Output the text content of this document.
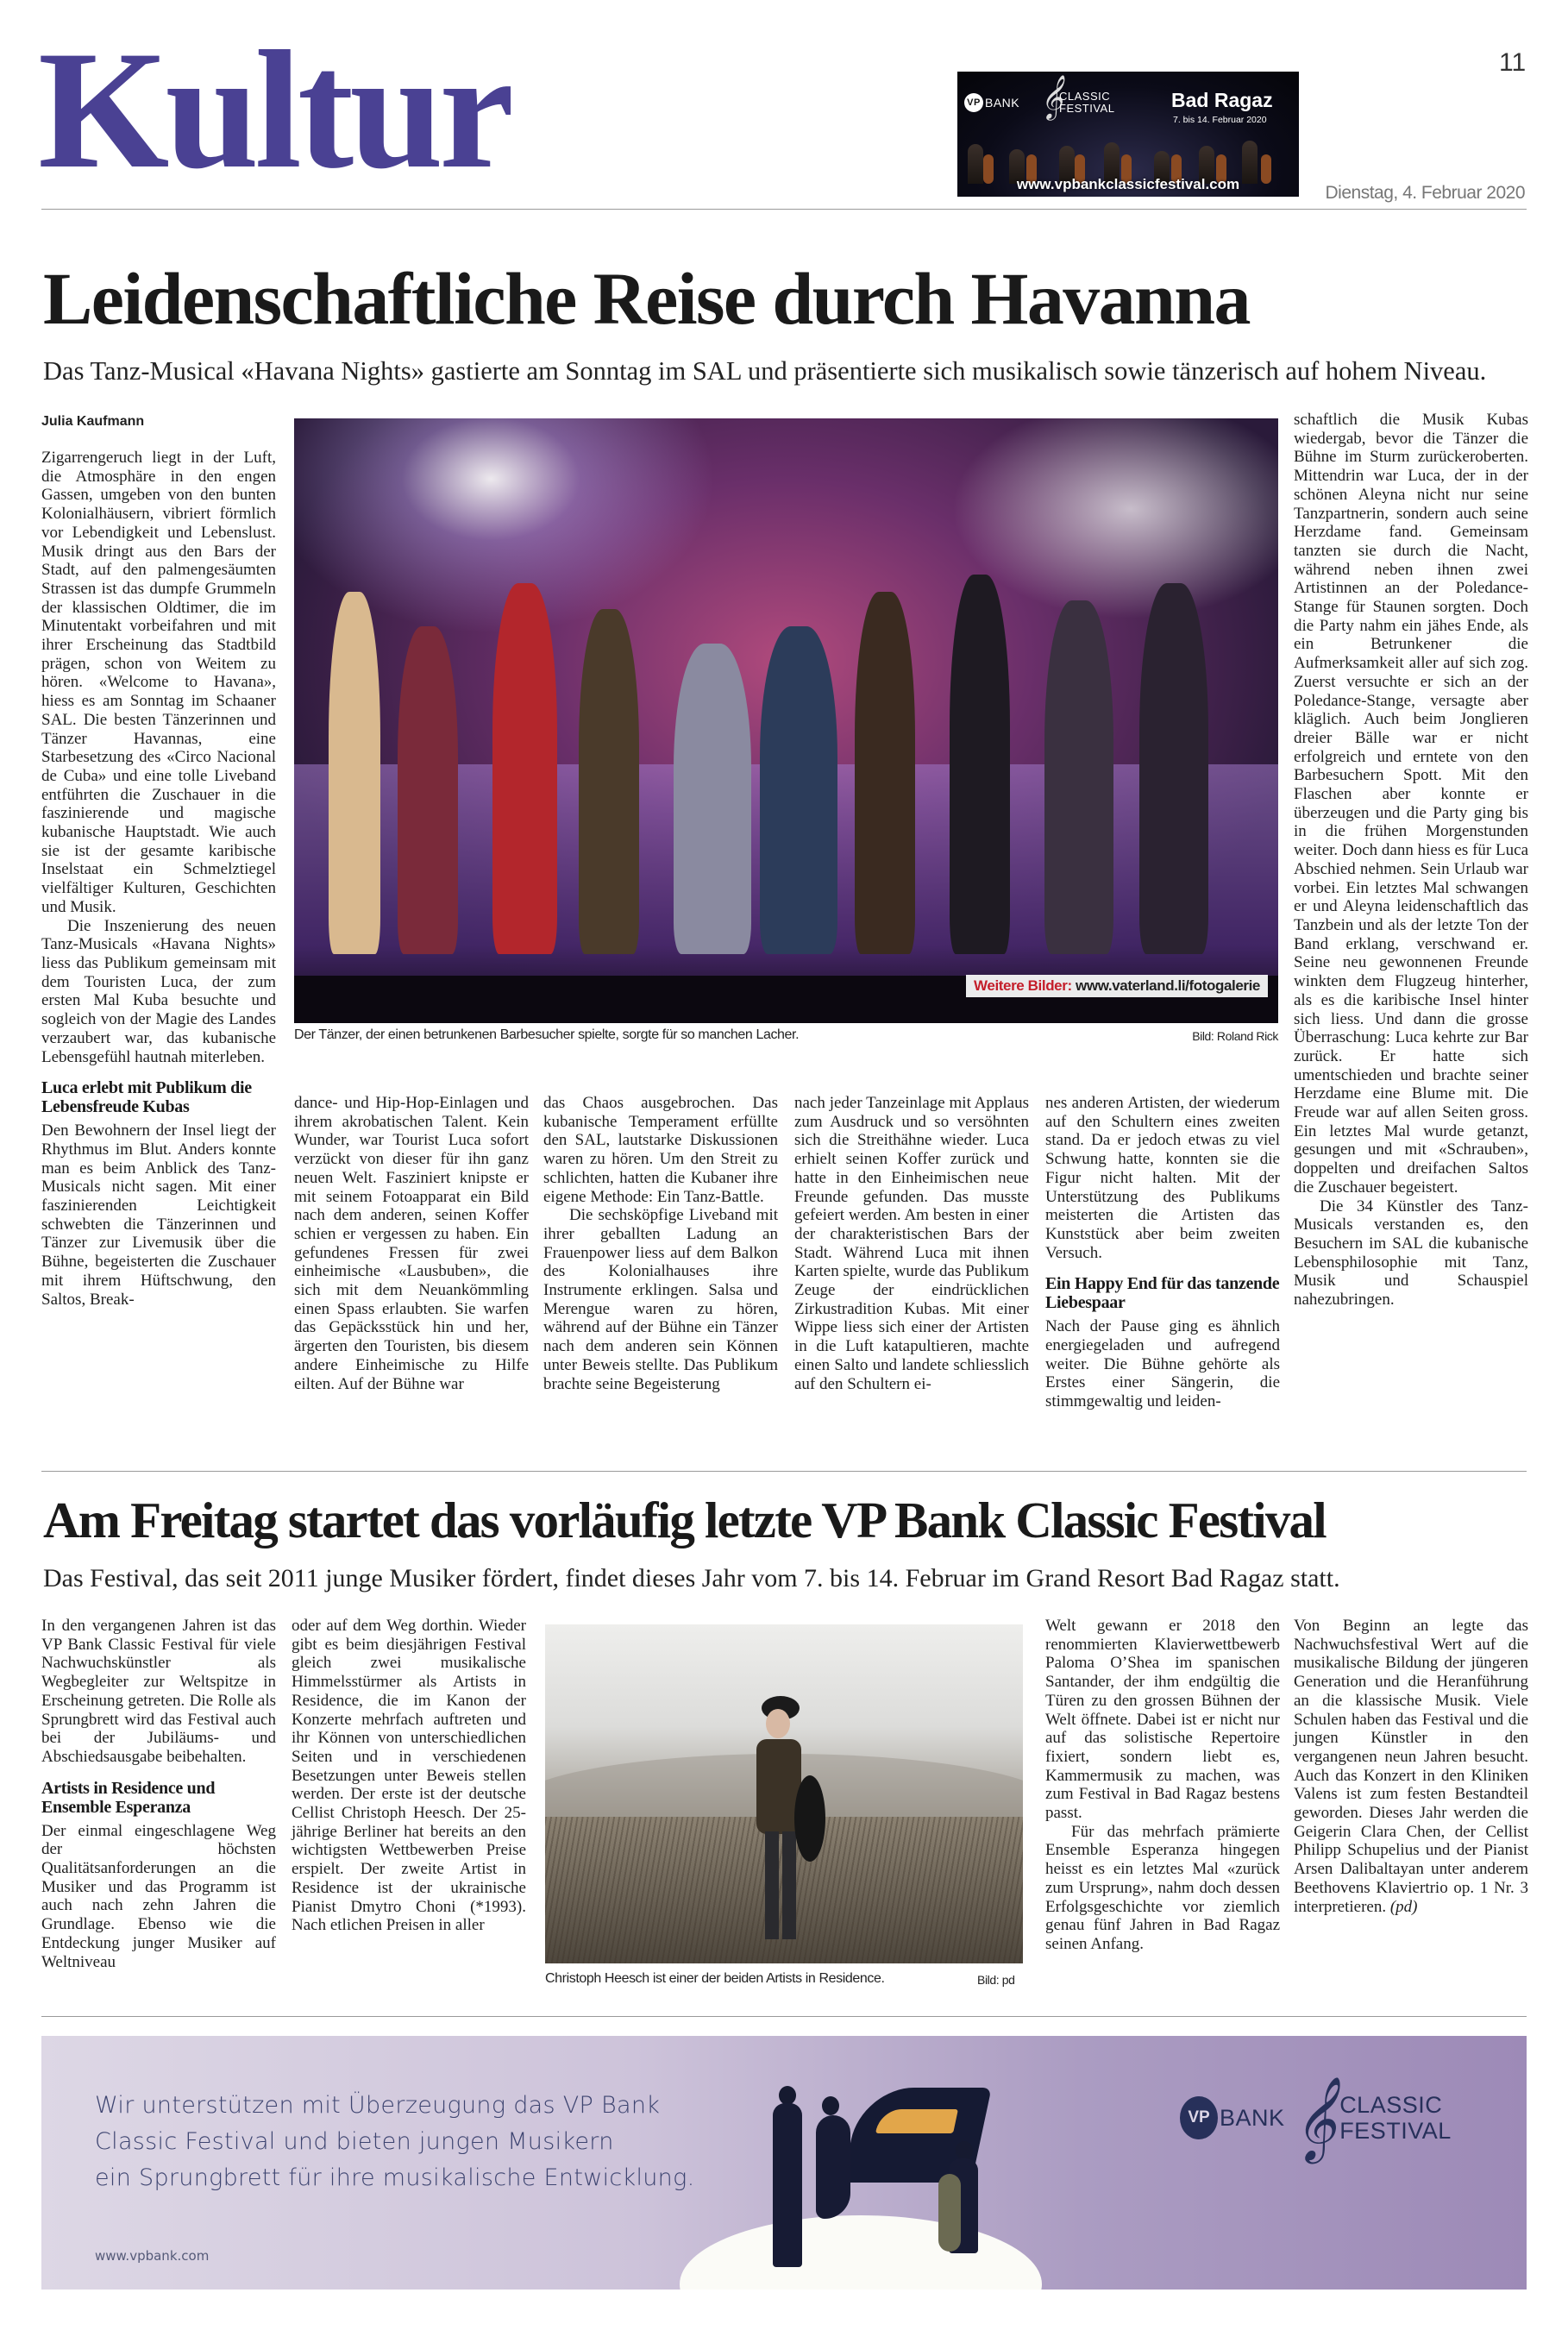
Kultur	11
VP BANK 𝄞
CLASSIC
FESTIVAL	Bad Ragaz
7. bis 14. Februar 2020
www.vpbankclassicfestival.com	Dienstag, 4. Februar 2020
Leidenschaftliche Reise durch Havanna
Das Tanz-Musical «Havana Nights» gastierte am Sonntag im SAL und präsentierte sich musikalisch sowie tänzerisch auf hohem Niveau.
Julia Kaufmann

Zigarrengeruch liegt in der Luft, die Atmosphäre in den engen Gassen, umgeben von den bunten Kolonialhäusern, vibriert förmlich vor Lebendigkeit und Lebenslust. Musik dringt aus den Bars der Stadt, auf den palmengesäumten Strassen ist das dumpfe Grummeln der klassischen Oldtimer, die im Minutentakt vorbeifahren und mit ihrer Erscheinung das Stadtbild prägen, schon von Weitem zu hören. «Welcome to Havana», hiess es am Sonntag im Schaaner SAL. Die besten Tänzerinnen und Tänzer Havannas, eine Starbesetzung des «Circo Nacional de Cuba» und eine tolle Liveband entführten die Zuschauer in die faszinierende und magische kubanische Hauptstadt. Wie auch sie ist der gesamte karibische Inselstaat ein Schmelztiegel vielfältiger Kulturen, Geschichten und Musik.

Die Inszenierung des neuen Tanz-Musicals «Havana Nights» liess das Publikum gemeinsam mit dem Touristen Luca, der zum ersten Mal Kuba besuchte und sogleich von der Magie des Landes verzaubert war, das kubanische Lebensgefühl hautnah miterleben.

Luca erlebt mit Publikum die Lebensfreude Kubas

Den Bewohnern der Insel liegt der Rhythmus im Blut. Anders konnte man es beim Anblick des Tanz-Musicals nicht sagen. Mit einer faszinierenden Leichtigkeit schwebten die Tänzerinnen und Tänzer zur Livemusik über die Bühne, begeisterten die Zuschauer mit ihrem Hüftschwung, den Saltos, Break-

Weitere Bilder: www.vaterland.li/fotogalerie
Der Tänzer, der einen betrunkenen Barbesucher spielte, sorgte für so manchen Lacher.	Bild: Roland Rick

dance- und Hip-Hop-Einlagen und ihrem akrobatischen Talent. Kein Wunder, war Tourist Luca sofort verzückt von dieser für ihn ganz neuen Welt. Fasziniert knipste er mit seinem Fotoapparat ein Bild nach dem anderen, seinen Koffer schien er vergessen zu haben. Ein gefundenes Fressen für zwei einheimische «Lausbuben», die sich mit dem Neuankömmling einen Spass erlaubten. Sie warfen das Gepäcksstück hin und her, ärgerten den Touristen, bis diesem andere Einheimische zu Hilfe eilten. Auf der Bühne war

das Chaos ausgebrochen. Das kubanische Temperament erfüllte den SAL, lautstarke Diskussionen waren zu hören. Um den Streit zu schlichten, hatten die Kubaner ihre eigene Methode: Ein Tanz-Battle.

Die sechsköpfige Liveband mit ihrer geballten Ladung an Frauenpower liess auf dem Balkon des Kolonialhauses ihre Instrumente erklingen. Salsa und Merengue waren zu hören, während auf der Bühne ein Tänzer nach dem anderen sein Können unter Beweis stellte. Das Publikum brachte seine Begeisterung

nach jeder Tanzeinlage mit Applaus zum Ausdruck und so versöhnten sich die Streithähne wieder. Luca erhielt seinen Koffer zurück und hatte in den Einheimischen neue Freunde gefunden. Das musste gefeiert werden. Am besten in einer der charakteristischen Bars der Stadt. Während Luca mit ihnen Karten spielte, wurde das Publikum Zeuge der eindrücklichen Zirkustradition Kubas. Mit einer Wippe liess sich einer der Artisten in die Luft katapultieren, machte einen Salto und landete schliesslich auf den Schultern ei-

nes anderen Artisten, der wiederum auf den Schultern eines zweiten stand. Da er jedoch etwas zu viel Schwung hatte, konnten sie die Figur nicht halten. Mit der Unterstützung des Publikums meisterten die Artisten das Kunststück aber beim zweiten Versuch.

Ein Happy End für das tanzende Liebespaar

Nach der Pause ging es ähnlich energiegeladen und aufregend weiter. Die Bühne gehörte als Erstes einer Sängerin, die stimmgewaltig und leiden-

schaftlich die Musik Kubas wiedergab, bevor die Tänzer die Bühne im Sturm zurückeroberten. Mittendrin war Luca, der in der schönen Aleyna nicht nur seine Tanzpartnerin, sondern auch seine Herzdame fand. Gemeinsam tanzten sie durch die Nacht, während neben ihnen zwei Artistinnen an der Poledance-Stange für Staunen sorgten. Doch die Party nahm ein jähes Ende, als ein Betrunkener die Aufmerksamkeit aller auf sich zog. Zuerst versuchte er sich an der Poledance-Stange, versagte aber kläglich. Auch beim Jonglieren dreier Bälle war er nicht erfolgreich und erntete von den Barbesuchern Spott. Mit den Flaschen aber konnte er überzeugen und die Party ging bis in die frühen Morgenstunden weiter. Doch dann hiess es für Luca Abschied nehmen. Sein Urlaub war vorbei. Ein letztes Mal schwangen er und Aleyna leidenschaftlich das Tanzbein und als der letzte Ton der Band erklang, verschwand er. Seine neu gewonnenen Freunde winkten dem Flugzeug hinterher, als es die karibische Insel hinter sich liess. Und dann die grosse Überraschung: Luca kehrte zur Bar zurück. Er hatte sich umentschieden und brachte seiner Herzdame eine Blume mit. Die Freude war auf allen Seiten gross. Ein letztes Mal wurde getanzt, gesungen und mit «Schrauben», doppelten und dreifachen Saltos die Zuschauer begeistert.

Die 34 Künstler des Tanz-Musicals verstanden es, den Besuchern im SAL die kubanische Lebensphilosophie mit Tanz, Musik und Schauspiel nahezubringen.

Am Freitag startet das vorläufig letzte VP Bank Classic Festival
Das Festival, das seit 2011 junge Musiker fördert, findet dieses Jahr vom 7. bis 14. Februar im Grand Resort Bad Ragaz statt.

In den vergangenen Jahren ist das VP Bank Classic Festival für viele Nachwuchskünstler als Wegbegleiter zur Weltspitze in Erscheinung getreten. Die Rolle als Sprungbrett wird das Festival auch bei der Jubiläums- und Abschiedsausgabe beibehalten.

Artists in Residence und Ensemble Esperanza

Der einmal eingeschlagene Weg der höchsten Qualitätsanforderungen an die Musiker und das Programm ist auch nach zehn Jahren die Grundlage. Ebenso wie die Entdeckung junger Musiker auf Weltniveau

oder auf dem Weg dorthin. Wieder gibt es beim diesjährigen Festival gleich zwei musikalische Himmelsstürmer als Artists in Residence, die im Kanon der Konzerte mehrfach auftreten und ihr Können von unterschiedlichen Seiten und in verschiedenen Besetzungen unter Beweis stellen werden. Der erste ist der deutsche Cellist Christoph Heesch. Der 25-jährige Berliner hat bereits an den wichtigsten Wettbewerben Preise erspielt. Der zweite Artist in Residence ist der ukrainische Pianist Dmytro Choni (*1993). Nach etlichen Preisen in aller

Christoph Heesch ist einer der beiden Artists in Residence.	Bild: pd

Welt gewann er 2018 den renommierten Klavierwettbewerb Paloma O’Shea im spanischen Santander, der ihm endgültig die Türen zu den grossen Bühnen der Welt öffnete. Dabei ist er nicht nur auf das solistische Repertoire fixiert, sondern liebt es, Kammermusik zu machen, was zum Festival in Bad Ragaz bestens passt.

Für das mehrfach prämierte Ensemble Esperanza hingegen heisst es ein letztes Mal «zurück zum Ursprung», nahm doch dessen Erfolgsgeschichte vor ziemlich genau fünf Jahren in Bad Ragaz seinen Anfang.

Von Beginn an legte das Nachwuchsfestival Wert auf die musikalische Bildung der jüngeren Generation und die Heranführung an die klassische Musik. Viele Schulen haben das Festival und die jungen Künstler in den vergangenen neun Jahren besucht. Auch das Konzert in den Kliniken Valens ist zum festen Bestandteil geworden. Dieses Jahr werden die Geigerin Clara Chen, der Cellist Philipp Schupelius und der Pianist Arsen Dalibaltayan unter anderem Beethovens Klaviertrio op. 1 Nr. 3 interpretieren. (pd)

Wir unterstützen mit Überzeugung das VP Bank
Classic Festival und bieten jungen Musikern
ein Sprungbrett für ihre musikalische Entwicklung.
www.vpbank.com
VP BANK 𝄞 CLASSIC
FESTIVAL
